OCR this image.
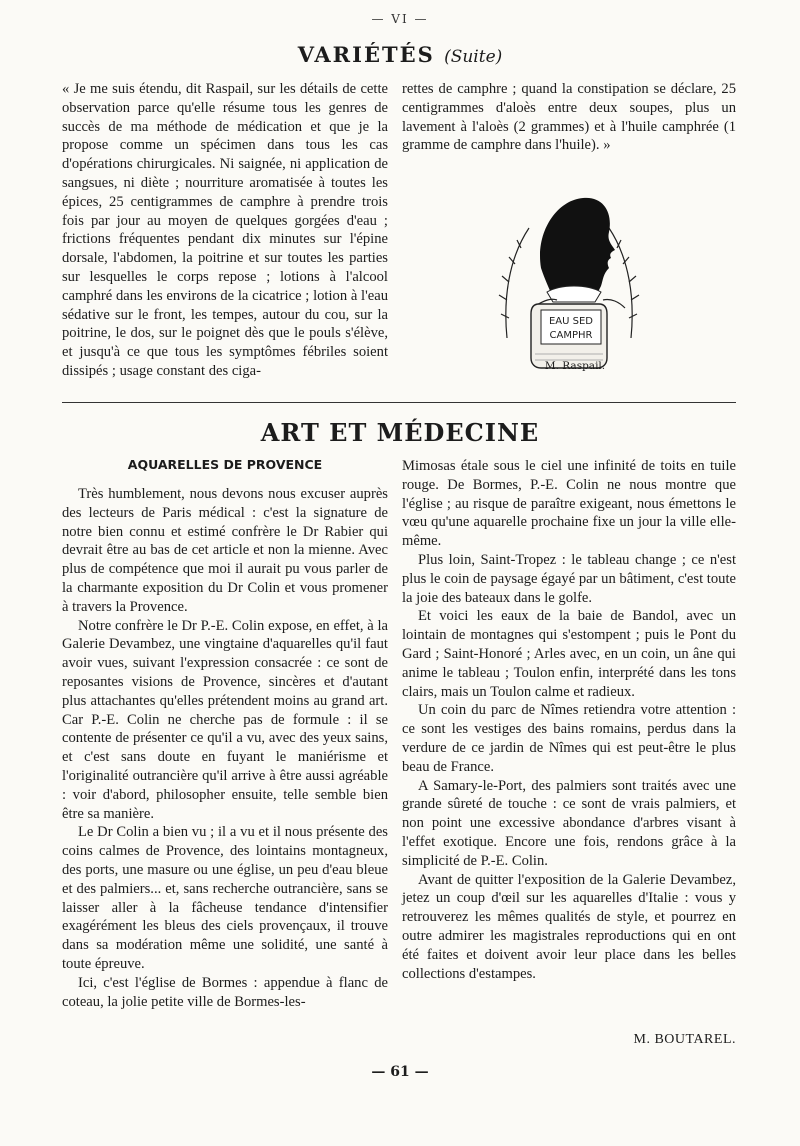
— VI —
VARIÉTÉS (Suite)

« Je me suis étendu, dit Raspail, sur les détails de cette observation parce qu'elle résume tous les genres de succès de ma méthode de médication et que je la propose comme un spécimen dans tous les cas d'opérations chirurgicales. Ni saignée, ni application de sangsues, ni diète ; nourriture aromatisée à toutes les épices, 25 centigrammes de camphre à prendre trois fois par jour au moyen de quelques gorgées d'eau ; frictions fréquentes pendant dix minutes sur l'épine dorsale, l'abdomen, la poitrine et sur toutes les parties sur lesquelles le corps repose ; lotions à l'alcool camphré dans les environs de la cicatrice ; lotion à l'eau sédative sur le front, les tempes, autour du cou, sur la poitrine, le dos, sur le poignet dès que le pouls s'élève, et jusqu'à ce que tous les symptômes fébriles soient dissipés ; usage constant des ciga-

rettes de camphre ; quand la constipation se déclare, 25 centigrammes d'aloès entre deux soupes, plus un lavement à l'aloès (2 grammes) et à l'huile camphrée (1 gramme de camphre dans l'huile). »

EAU SED
CAMPHR
M. Raspail.
ART ET MÉDECINE
AQUARELLES DE PROVENCE

Très humblement, nous devons nous excuser auprès des lecteurs de Paris médical : c'est la signature de notre bien connu et estimé confrère le Dr Rabier qui devrait être au bas de cet article et non la mienne. Avec plus de compétence que moi il aurait pu vous parler de la charmante exposition du Dr Colin et vous promener à travers la Provence.

Notre confrère le Dr P.-E. Colin expose, en effet, à la Galerie Devambez, une vingtaine d'aquarelles qu'il faut avoir vues, suivant l'expression consacrée : ce sont de reposantes visions de Provence, sincères et d'autant plus attachantes qu'elles prétendent moins au grand art. Car P.-E. Colin ne cherche pas de formule : il se contente de présenter ce qu'il a vu, avec des yeux sains, et c'est sans doute en fuyant le maniérisme et l'originalité outrancière qu'il arrive à être aussi agréable : voir d'abord, philosopher ensuite, telle semble bien être sa manière.

Le Dr Colin a bien vu ; il a vu et il nous présente des coins calmes de Provence, des lointains montagneux, des ports, une masure ou une église, un peu d'eau bleue et des palmiers... et, sans recherche outrancière, sans se laisser aller à la fâcheuse tendance d'intensifier exagérément les bleus des ciels provençaux, il trouve dans sa modération même une solidité, une santé à toute épreuve.

Ici, c'est l'église de Bormes : appendue à flanc de coteau, la jolie petite ville de Bormes-les-

Mimosas étale sous le ciel une infinité de toits en tuile rouge. De Bormes, P.-E. Colin ne nous montre que l'église ; au risque de paraître exigeant, nous émettons le vœu qu'une aquarelle prochaine fixe un jour la ville elle-même.

Plus loin, Saint-Tropez : le tableau change ; ce n'est plus le coin de paysage égayé par un bâtiment, c'est toute la joie des bateaux dans le golfe.

Et voici les eaux de la baie de Bandol, avec un lointain de montagnes qui s'estompent ; puis le Pont du Gard ; Saint-Honoré ; Arles avec, en un coin, un âne qui anime le tableau ; Toulon enfin, interprété dans les tons clairs, mais un Toulon calme et radieux.

Un coin du parc de Nîmes retiendra votre attention : ce sont les vestiges des bains romains, perdus dans la verdure de ce jardin de Nîmes qui est peut-être le plus beau de France.

A Samary-le-Port, des palmiers sont traités avec une grande sûreté de touche : ce sont de vrais palmiers, et non point une excessive abondance d'arbres visant à l'effet exotique. Encore une fois, rendons grâce à la simplicité de P.-E. Colin.

Avant de quitter l'exposition de la Galerie Devambez, jetez un coup d'œil sur les aquarelles d'Italie : vous y retrouverez les mêmes qualités de style, et pourrez en outre admirer les magistrales reproductions qui en ont été faites et doivent avoir leur place dans les belles collections d'estampes.

M. BOUTAREL.
— 61 —
